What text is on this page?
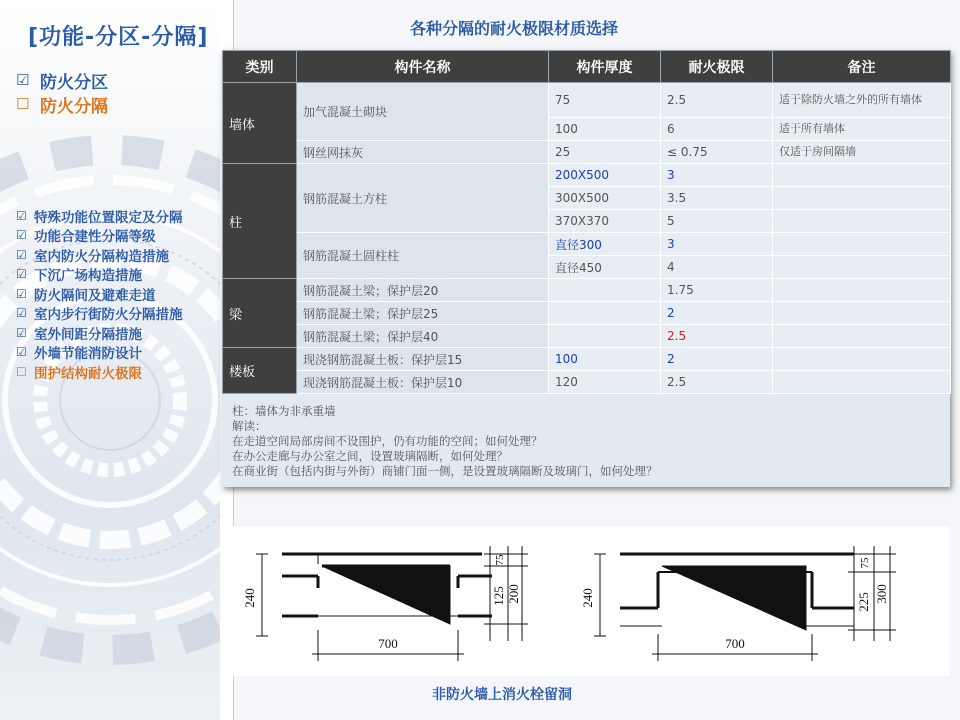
[功能-分区-分隔]
☑ 防火分区
☐ 防火分隔
☑ 特殊功能位置限定及分隔
☑ 功能合建性分隔等级
☑ 室内防火分隔构造措施
☑ 下沉广场构造措施
☑ 防火隔间及避难走道
☑ 室内步行街防火分隔措施
☑ 室外间距分隔措施
☑ 外墙节能消防设计
☐ 围护结构耐火极限
各种分隔的耐火极限材质选择
类别	构件名称	构件厚度	耐火极限	备注
墙体	加气混凝土砌块	75	2.5	适于除防火墙之外的所有墙体
		100	6	适于所有墙体
	钢丝网抹灰	25	≤ 0.75	仅适于房间隔墙
柱	钢筋混凝土方柱	200X500	3	
		300X500	3.5	
		370X370	5	
	钢筋混凝土圆柱柱	直径300	3	
		直径450	4	
梁	钢筋混凝土梁；保护层20		1.75	
	钢筋混凝土梁；保护层25		2	
	钢筋混凝土梁；保护层40		2.5	
楼板	现浇钢筋混凝土板：保护层15	100	2	
	现浇钢筋混凝土板：保护层10	120	2.5	
柱：墙体为非承重墙
解读：
在走道空间局部房间不设围护，仍有功能的空间；如何处理？
在办公走廊与办公室之间，设置玻璃隔断，如何处理？
在商业街（包括内街与外街）商铺门面一侧，是设置玻璃隔断及玻璃门，如何处理？
240
700
125
75
200	240
700
225
75
300
非防火墙上消火栓留洞
